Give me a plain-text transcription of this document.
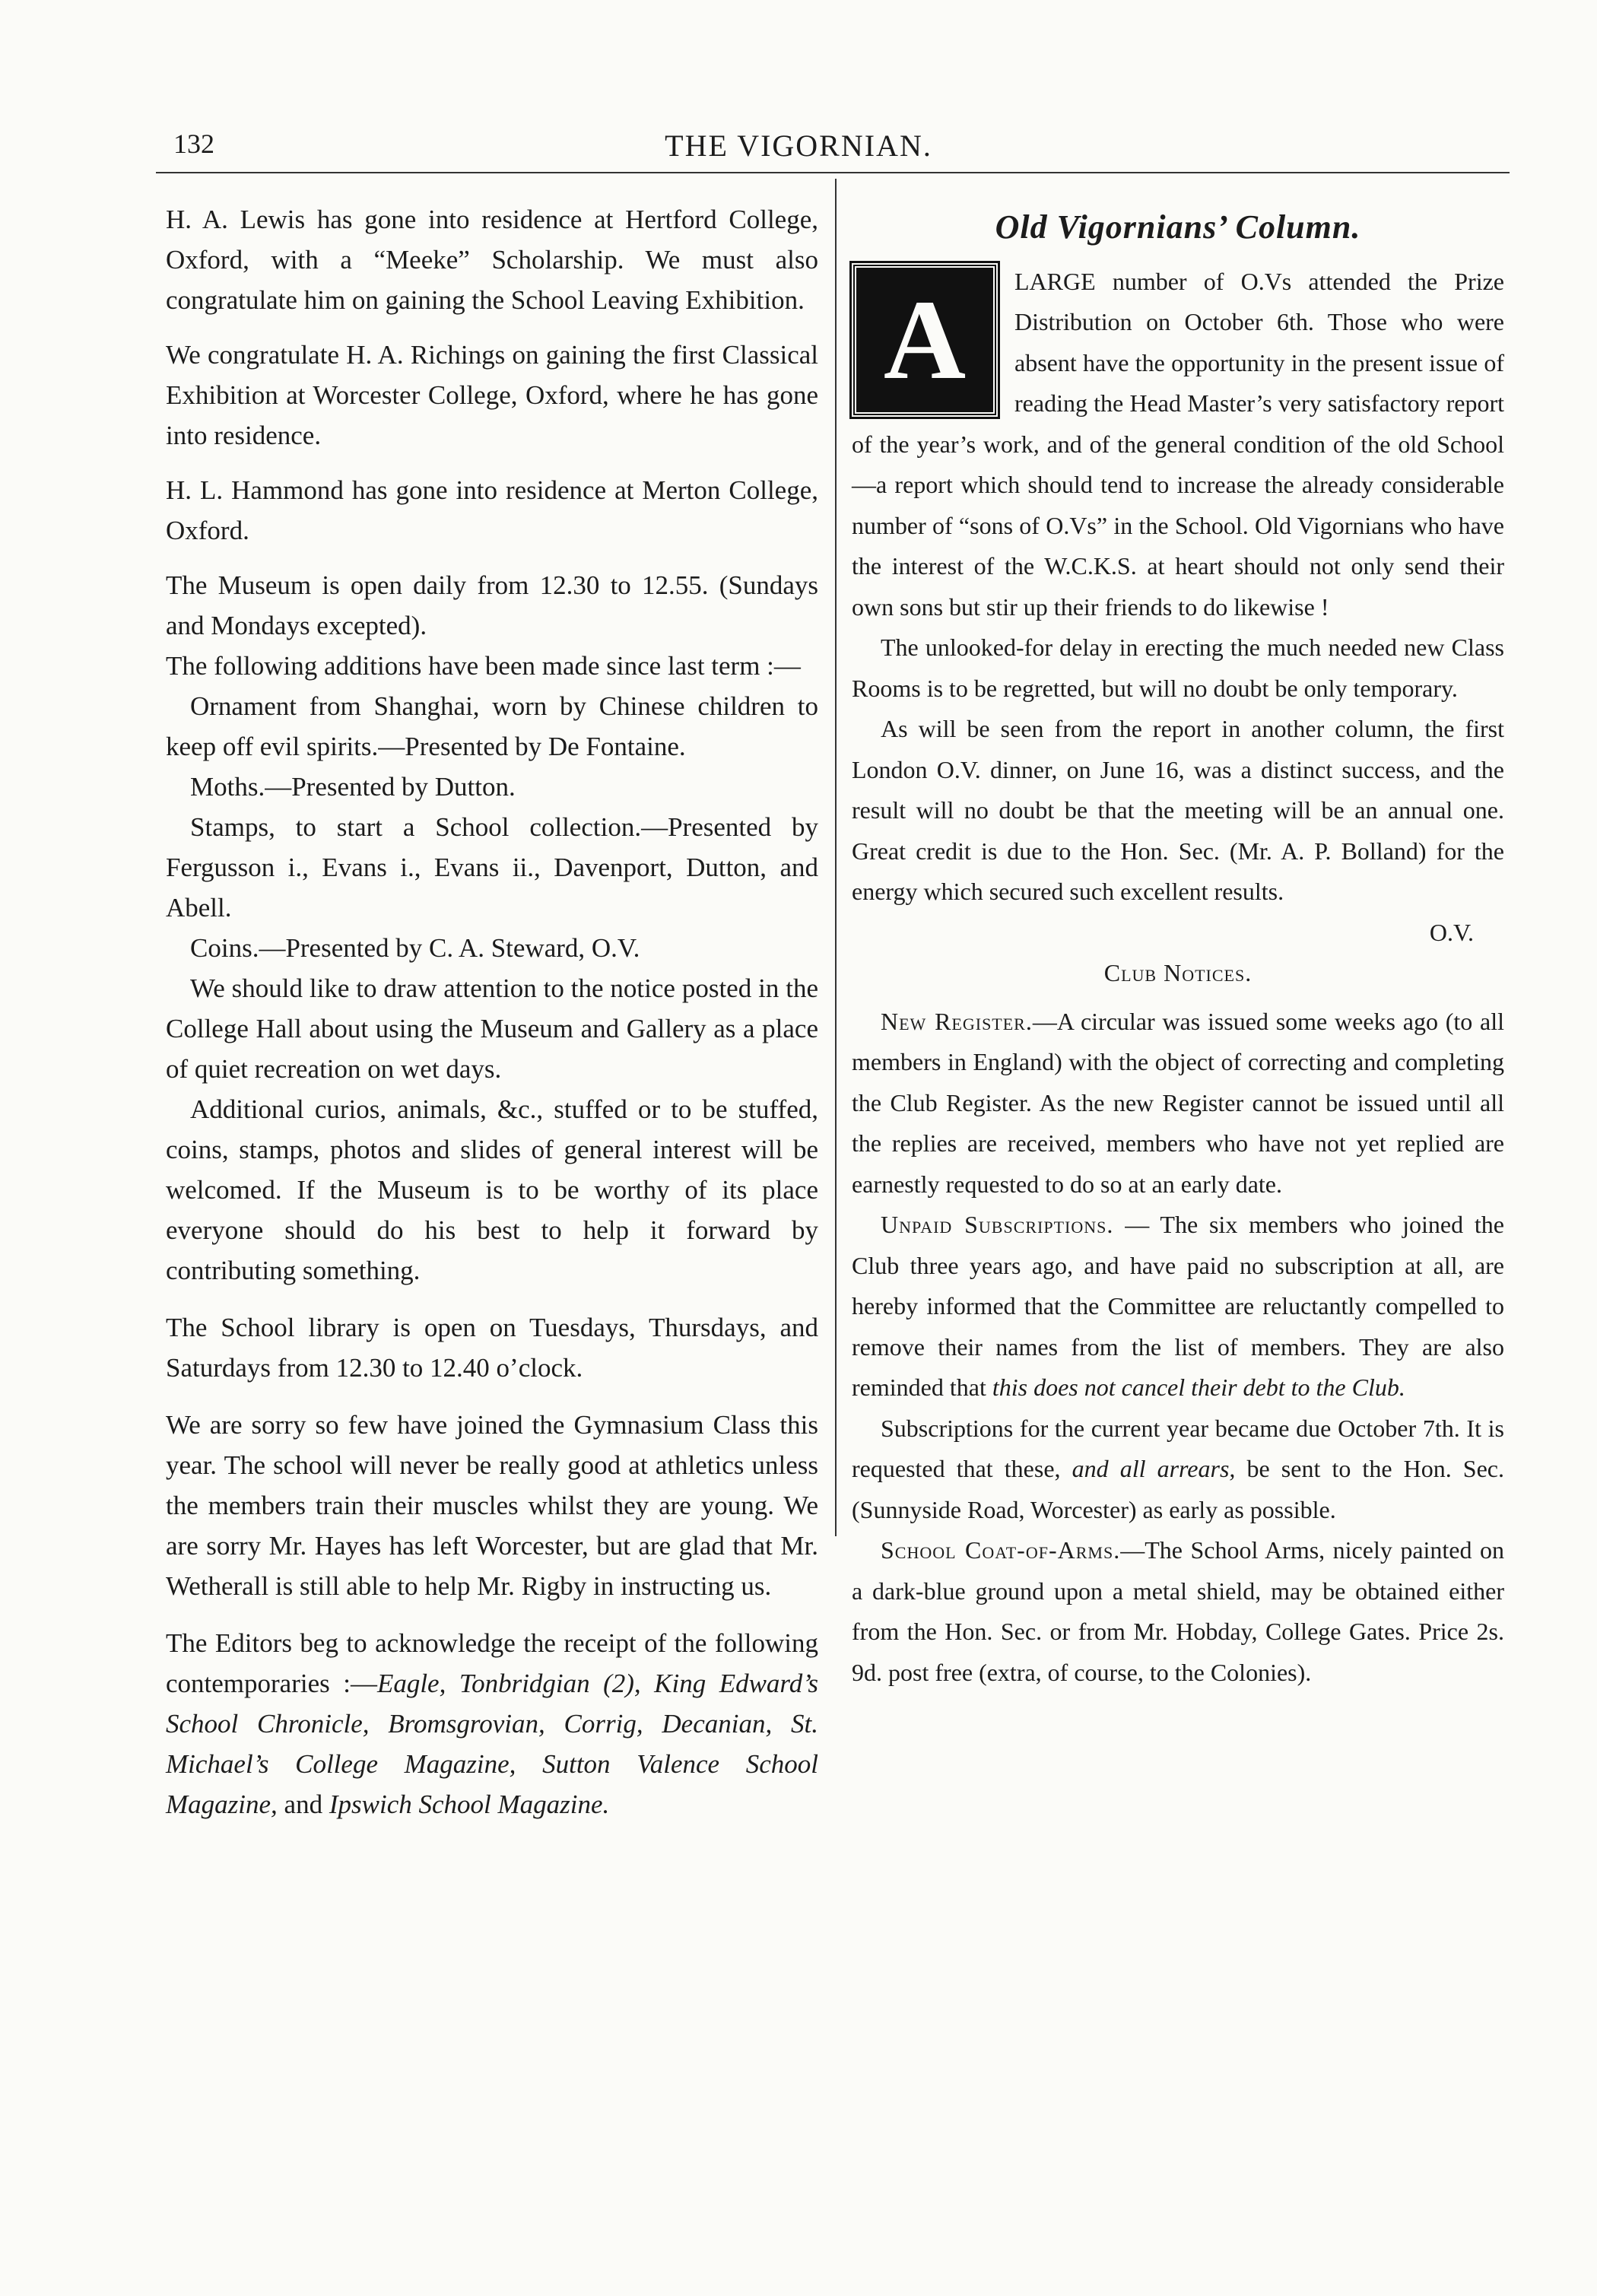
132	THE VIGORNIAN.

H. A. Lewis has gone into residence at Hertford College, Oxford, with a “Meeke” Scholarship. We must also congratulate him on gaining the School Leaving Exhibition.

We congratulate H. A. Richings on gaining the first Classical Exhibition at Worcester College, Oxford, where he has gone into residence.

H. L. Hammond has gone into residence at Merton College, Oxford.

The Museum is open daily from 12.30 to 12.55. (Sundays and Mondays excepted).

The following additions have been made since last term :—

Ornament from Shanghai, worn by Chinese children to keep off evil spirits.—Presented by De Fontaine.

Moths.—Presented by Dutton.

Stamps, to start a School collection.—Presented by Fergusson i., Evans i., Evans ii., Davenport, Dutton, and Abell.

Coins.—Presented by C. A. Steward, O.V.

We should like to draw attention to the notice posted in the College Hall about using the Museum and Gallery as a place of quiet recreation on wet days.

Additional curios, animals, &c., stuffed or to be stuffed, coins, stamps, photos and slides of general interest will be welcomed. If the Museum is to be worthy of its place everyone should do his best to help it forward by contributing something.

The School library is open on Tuesdays, Thursdays, and Saturdays from 12.30 to 12.40 o’clock.

We are sorry so few have joined the Gymnasium Class this year. The school will never be really good at athletics unless the members train their muscles whilst they are young. We are sorry Mr. Hayes has left Worcester, but are glad that Mr. Wetherall is still able to help Mr. Rigby in instructing us.

The Editors beg to acknowledge the receipt of the following contemporaries :—Eagle, Tonbridgian (2), King Edward’s School Chronicle, Bromsgrovian, Corrig, Decanian, St. Michael’s College Magazine, Sutton Valence School Magazine, and Ipswich School Magazine.

Old Vigornians’ Column.

A	LARGE number of O.Vs attended the Prize Distribution on October 6th. Those who were absent have the opportunity in the present issue of reading the Head Master’s very satisfactory report of the year’s work, and of the general condition of the old School—a report which should tend to increase the already considerable number of “sons of O.Vs” in the School. Old Vigornians who have the interest of the W.C.K.S. at heart should not only send their own sons but stir up their friends to do likewise !

The unlooked-for delay in erecting the much needed new Class Rooms is to be regretted, but will no doubt be only temporary.

As will be seen from the report in another column, the first London O.V. dinner, on June 16, was a distinct success, and the result will no doubt be that the meeting will be an annual one. Great credit is due to the Hon. Sec. (Mr. A. P. Bolland) for the energy which secured such excellent results.

O.V.

Club Notices.

New Register.—A circular was issued some weeks ago (to all members in England) with the object of correcting and completing the Club Register. As the new Register cannot be issued until all the replies are received, members who have not yet replied are earnestly requested to do so at an early date.

Unpaid Subscriptions. — The six members who joined the Club three years ago, and have paid no subscription at all, are hereby informed that the Committee are reluctantly compelled to remove their names from the list of members. They are also reminded that this does not cancel their debt to the Club.

Subscriptions for the current year became due October 7th. It is requested that these, and all arrears, be sent to the Hon. Sec. (Sunnyside Road, Worcester) as early as possible.

School Coat-of-Arms.—The School Arms, nicely painted on a dark-blue ground upon a metal shield, may be obtained either from the Hon. Sec. or from Mr. Hobday, College Gates. Price 2s. 9d. post free (extra, of course, to the Colonies).
